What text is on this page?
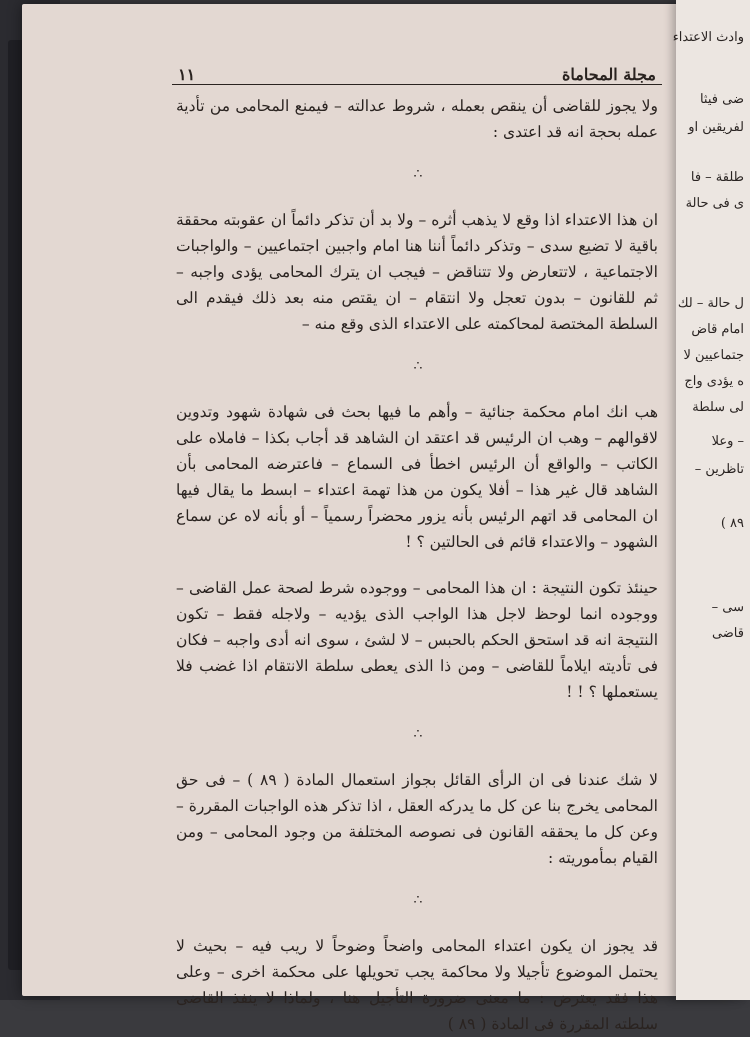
مجلة المحاماة
١١

ولا يجوز للقاضى أن ينقص بعمله ، شروط عدالته – فيمنع المحامى من تأدية عمله بحجة انه قد اعتدى :

∴

ان هذا الاعتداء اذا وقع لا يذهب أثره – ولا بد أن تذكر دائماً ان عقوبته محققة باقية لا تضيع سدى – وتذكر دائماً أننا هنا امام واجبين اجتماعيين – والواجبات الاجتماعية ، لاتتعارض ولا تتناقض – فيجب ان يترك المحامى يؤدى واجبه – ثم للقانون – بدون تعجل ولا انتقام – ان يقتص منه بعد ذلك فيقدم الى السلطة المختصة لمحاكمته على الاعتداء الذى وقع منه –

∴

هب انك امام محكمة جنائية – وأهم ما فيها بحث فى شهادة شهود وتدوين لاقوالهم – وهب ان الرئيس قد اعتقد ان الشاهد قد أجاب بكذا – فاملاه على الكاتب – والواقع أن الرئيس اخطأ فى السماع – فاعترضه المحامى بأن الشاهد قال غير هذا – أفلا يكون من هذا تهمة اعتداء – ابسط ما يقال فيها ان المحامى قد اتهم الرئيس بأنه يزور محضراً رسمياً – أو بأنه لاه عن سماع الشهود – والاعتداء قائم فى الحالتين ؟ !

حينئذ تكون النتيجة : ان هذا المحامى – ووجوده شرط لصحة عمل القاضى – ووجوده انما لوحظ لاجل هذا الواجب الذى يؤديه – ولاجله فقط – تكون النتيجة انه قد استحق الحكم بالحبس – لا لشئ ، سوى انه أدى واجبه – فكان فى تأديته ايلاماً للقاضى – ومن ذا الذى يعطى سلطة الانتقام اذا غضب فلا يستعملها ؟ ! !

∴

لا شك عندنا فى ان الرأى القائل بجواز استعمال المادة ( ٨٩ ) – فى حق المحامى يخرج بنا عن كل ما يدركه العقل ، اذا تذكر هذه الواجبات المقررة – وعن كل ما يحققه القانون فى نصوصه المختلفة من وجود المحامى – ومن القيام بمأموريته :

∴

قد يجوز ان يكون اعتداء المحامى واضحاً وضوحاً لا ريب فيه – بحيث لا يحتمل الموضوع تأجيلا ولا محاكمة يجب تحويلها على محكمة اخرى – وعلى هذا فقد يعترض : ما معنى ضرورة التأجيل هنا ، ولماذا لا ينفذ القاضى سلطته المقررة فى المادة ( ٨٩ )

وادث الاعتداء
ضى فيثا
لفريقين او
طلقة – فا
ى فى حالة
ل حالة – لك
امام قاض
جتماعيين لا
ه يؤدى واج
لى سلطة
– وعلا
تاظرين –
٨٩ )
سى –
قاضى
